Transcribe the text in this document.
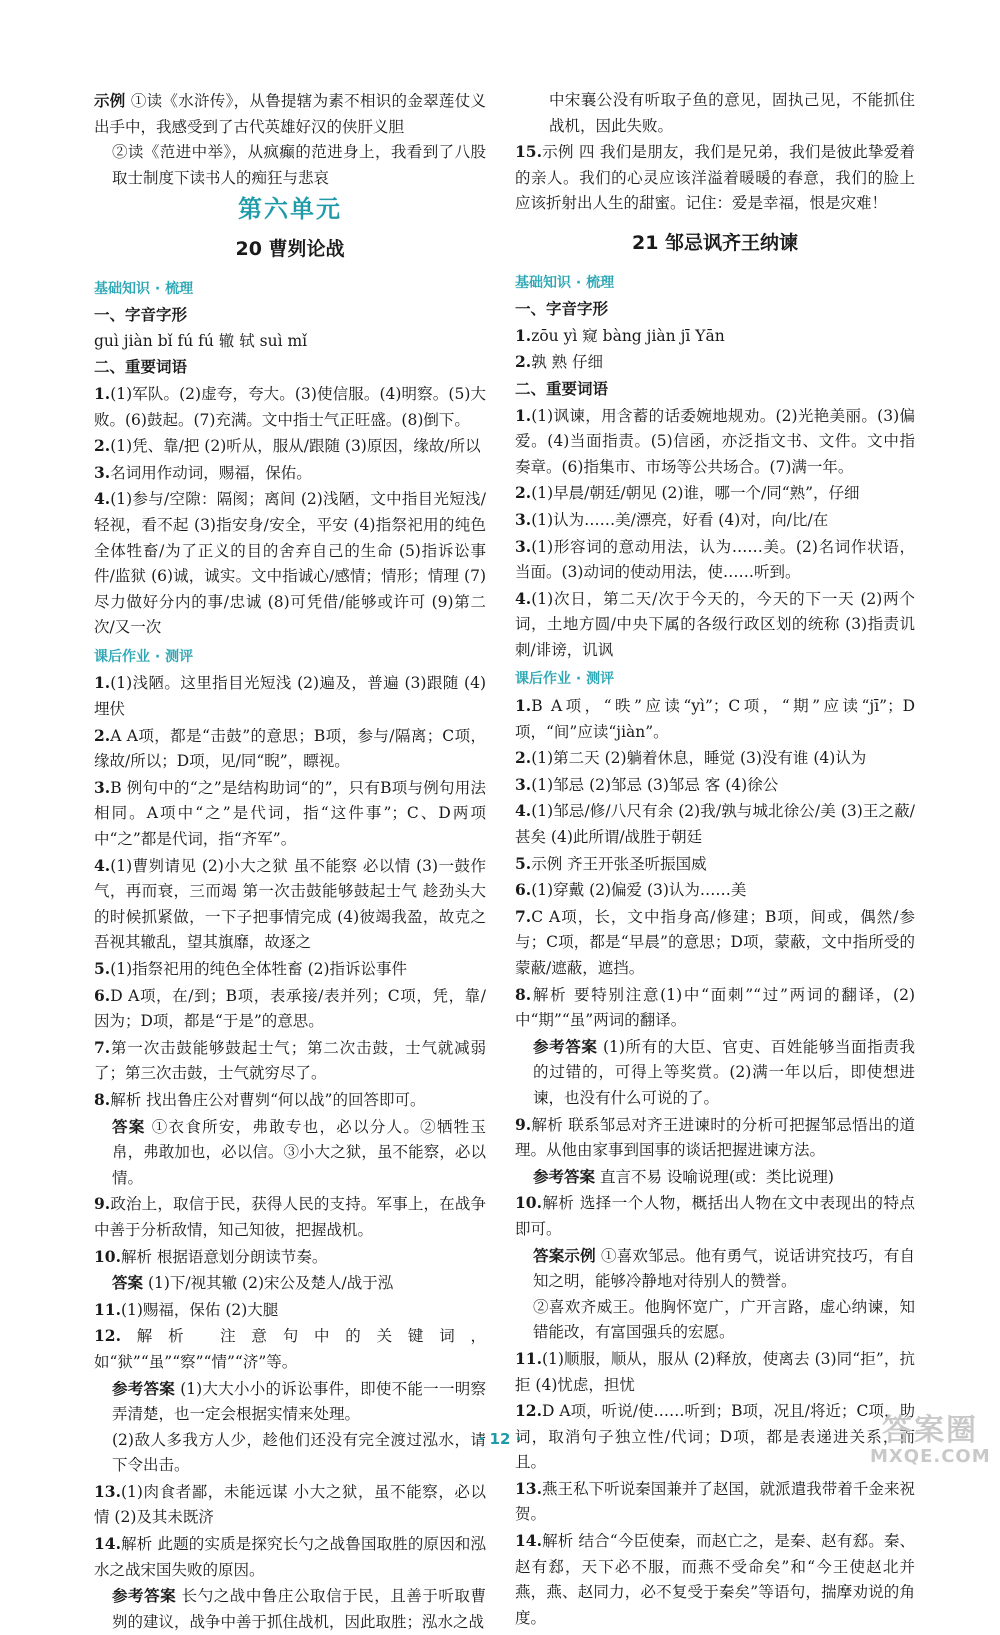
示例 ①读《水浒传》，从鲁提辖为素不相识的金翠莲仗义出手中，我感受到了古代英雄好汉的侠肝义胆

②读《范进中举》，从疯癫的范进身上，我看到了八股取士制度下读书人的痴狂与悲哀

第六单元
20 曹刿论战
基础知识 · 梳理

一、字音字形

guì jiàn bǐ fú fú 辙 轼 suì mǐ

二、重要词语

1.(1)军队。(2)虚夸，夸大。(3)使信服。(4)明察。(5)大败。(6)鼓起。(7)充满。文中指士气正旺盛。(8)倒下。

2.(1)凭、靠/把 (2)听从，服从/跟随 (3)原因，缘故/所以

3.名词用作动词，赐福，保佑。

4.(1)参与/空隙：隔阂；离间 (2)浅陋，文中指目光短浅/轻视，看不起 (3)指安身/安全，平安 (4)指祭祀用的纯色全体牲畜/为了正义的目的舍弃自己的生命 (5)指诉讼事件/监狱 (6)诚，诚实。文中指诚心/感情；情形；情理 (7)尽力做好分内的事/忠诚 (8)可凭借/能够或许可 (9)第二次/又一次

课后作业 · 测评

1.(1)浅陋。这里指目光短浅 (2)遍及，普遍 (3)跟随 (4)埋伏

2.A A项，都是“击鼓”的意思；B项，参与/隔离；C项，缘故/所以；D项，见/同“睨”，瞟视。

3.B 例句中的“之”是结构助词“的”，只有B项与例句用法相同。A项中“之”是代词，指“这件事”；C、D两项中“之”都是代词，指“齐军”。

4.(1)曹刿请见 (2)小大之狱 虽不能察 必以情 (3)一鼓作气，再而衰，三而竭 第一次击鼓能够鼓起士气 趁劲头大的时候抓紧做，一下子把事情完成 (4)彼竭我盈，故克之 吾视其辙乱，望其旗靡，故逐之

5.(1)指祭祀用的纯色全体牲畜 (2)指诉讼事件

6.D A项，在/到；B项，表承接/表并列；C项，凭，靠/因为；D项，都是“于是”的意思。

7.第一次击鼓能够鼓起士气；第二次击鼓，士气就减弱了；第三次击鼓，士气就穷尽了。

8.解析 找出鲁庄公对曹刿“何以战”的回答即可。

答案 ①衣食所安，弗敢专也，必以分人。②牺牲玉帛，弗敢加也，必以信。③小大之狱，虽不能察，必以情。

9.政治上，取信于民，获得人民的支持。军事上，在战争中善于分析敌情，知己知彼，把握战机。

10.解析 根据语意划分朗读节奏。

答案 (1)下/视其辙 (2)宋公及楚人/战于泓

11.(1)赐福，保佑 (2)大腿

12.解析 注意句中的关键词，如“狱”“虽”“察”“情”“济”等。

参考答案 (1)大大小小的诉讼事件，即使不能一一明察弄清楚，也一定会根据实情来处理。

(2)敌人多我方人少，趁他们还没有完全渡过泓水，请下令出击。

13.(1)肉食者鄙，未能远谋 小大之狱，虽不能察，必以情 (2)及其未既济

14.解析 此题的实质是探究长勺之战鲁国取胜的原因和泓水之战宋国失败的原因。

参考答案 长勺之战中鲁庄公取信于民，且善于听取曹刿的建议，战争中善于抓住战机，因此取胜；泓水之战

中宋襄公没有听取子鱼的意见，固执己见，不能抓住战机，因此失败。

15.示例 四 我们是朋友，我们是兄弟，我们是彼此挚爱着的亲人。我们的心灵应该洋溢着暖暖的春意，我们的脸上应该折射出人生的甜蜜。记住：爱是幸福，恨是灾难！

21 邹忌讽齐王纳谏
基础知识 · 梳理

一、字音字形

1.zōu yì 窥 bàng jiàn jī Yān

2.孰 熟 仔细

二、重要词语

1.(1)讽谏，用含蓄的话委婉地规劝。(2)光艳美丽。(3)偏爱。(4)当面指责。(5)信函，亦泛指文书、文件。文中指奏章。(6)指集市、市场等公共场合。(7)满一年。

2.(1)早晨/朝廷/朝见 (2)谁，哪一个/同“熟”，仔细

3.(1)认为……美/漂亮，好看 (4)对，向/比/在

3.(1)形容词的意动用法，认为……美。(2)名词作状语，当面。(3)动词的使动用法，使……听到。

4.(1)次日，第二天/次于今天的，今天的下一天 (2)两个词，土地方圆/中央下属的各级行政区划的统称 (3)指责讥刺/诽谤，讥讽

课后作业 · 测评

1.B A项，“昳”应读“yì”；C项，“期”应读“jī”；D项，“间”应读“jiàn”。

2.(1)第二天 (2)躺着休息，睡觉 (3)没有谁 (4)认为

3.(1)邹忌 (2)邹忌 (3)邹忌 客 (4)徐公

4.(1)邹忌/修/八尺有余 (2)我/孰与城北徐公/美 (3)王之蔽/甚矣 (4)此所谓/战胜于朝廷

5.示例 齐王开张圣听振国威

6.(1)穿戴 (2)偏爱 (3)认为……美

7.C A项，长，文中指身高/修建；B项，间或，偶然/参与；C项，都是“早晨”的意思；D项，蒙蔽，文中指所受的蒙蔽/遮蔽，遮挡。

8.解析 要特别注意(1)中“面刺”“过”两词的翻译，(2)中“期”“虽”两词的翻译。

参考答案 (1)所有的大臣、官吏、百姓能够当面指责我的过错的，可得上等奖赏。(2)满一年以后，即使想进谏，也没有什么可说的了。

9.解析 联系邹忌对齐王进谏时的分析可把握邹忌悟出的道理。从他由家事到国事的谈话把握进谏方法。

参考答案 直言不易 设喻说理(或：类比说理)

10.解析 选择一个人物，概括出人物在文中表现出的特点即可。

答案示例 ①喜欢邹忌。他有勇气，说话讲究技巧，有自知之明，能够冷静地对待别人的赞誉。

②喜欢齐威王。他胸怀宽广，广开言路，虚心纳谏，知错能改，有富国强兵的宏愿。

11.(1)顺服，顺从，服从 (2)释放，使离去 (3)同“拒”，抗拒 (4)忧虑，担忧

12.D A项，听说/使……听到；B项，况且/将近；C项，助词，取消句子独立性/代词；D项，都是表递进关系，而且。

13.燕王私下听说秦国兼并了赵国，就派遣我带着千金来祝贺。

14.解析 结合“今臣使秦，而赵亡之，是秦、赵有郄。秦、赵有郄，天下必不服，而燕不受命矣”和“今王使赵北并燕，燕、赵同力，必不复受于秦矣”等语句，揣摩劝说的角度。

· 12 ·	答案圈
MXQE.COM
